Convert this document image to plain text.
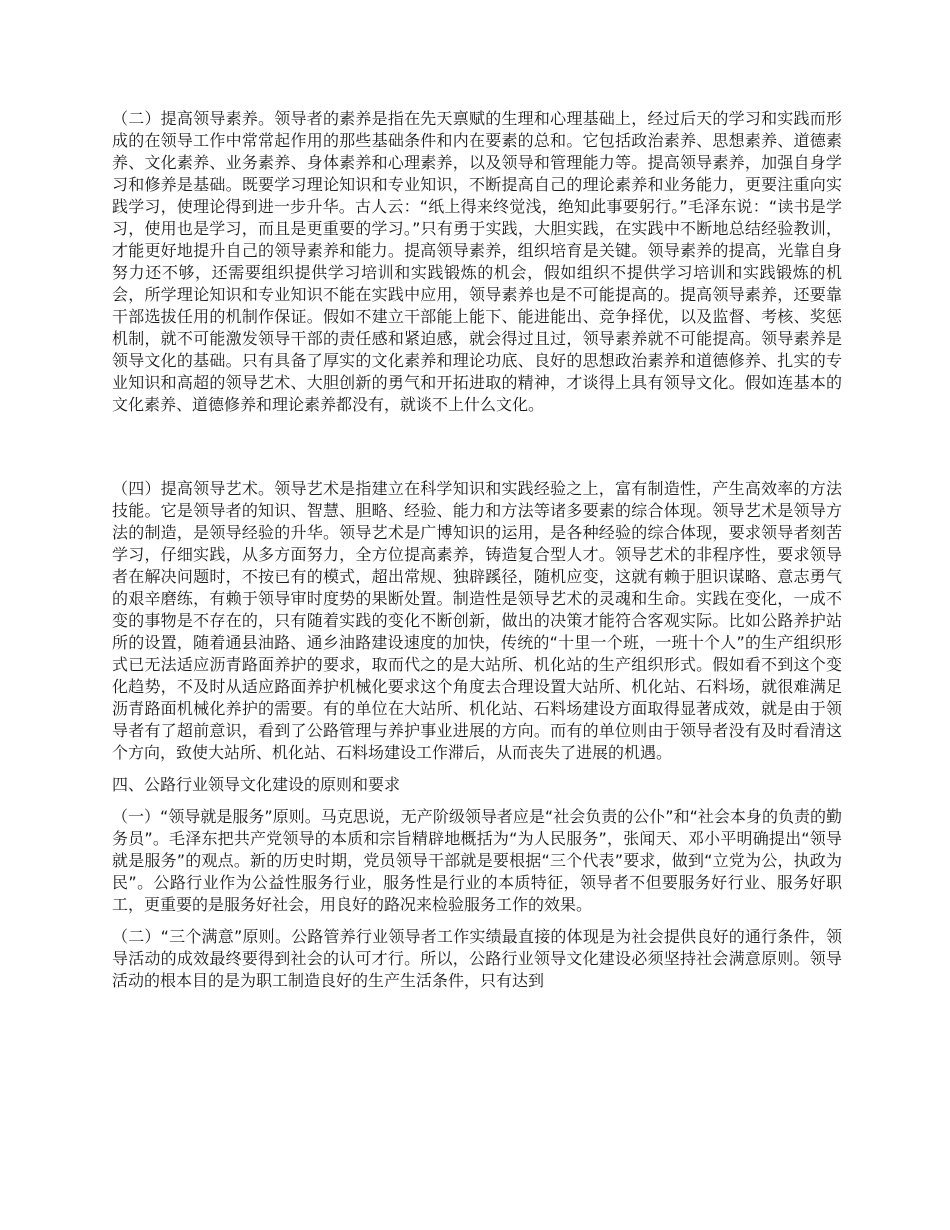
（二）提高领导素养。领导者的素养是指在先天禀赋的生理和心理基础上，经过后天的学习和实践而形成的在领导工作中常常起作用的那些基础条件和内在要素的总和。它包括政治素养、思想素养、道德素养、文化素养、业务素养、身体素养和心理素养，以及领导和管理能力等。提高领导素养，加强自身学习和修养是基础。既要学习理论知识和专业知识，不断提高自己的理论素养和业务能力，更要注重向实践学习，使理论得到进一步升华。古人云：“纸上得来终觉浅，绝知此事要躬行。”毛泽东说：“读书是学习，使用也是学习，而且是更重要的学习。”只有勇于实践，大胆实践，在实践中不断地总结经验教训，才能更好地提升自己的领导素养和能力。提高领导素养，组织培育是关键。领导素养的提高，光靠自身努力还不够，还需要组织提供学习培训和实践锻炼的机会，假如组织不提供学习培训和实践锻炼的机会，所学理论知识和专业知识不能在实践中应用，领导素养也是不可能提高的。提高领导素养，还要靠干部选拔任用的机制作保证。假如不建立干部能上能下、能进能出、竞争择优，以及监督、考核、奖惩机制，就不可能激发领导干部的责任感和紧迫感，就会得过且过，领导素养就不可能提高。领导素养是领导文化的基础。只有具备了厚实的文化素养和理论功底、良好的思想政治素养和道德修养、扎实的专业知识和高超的领导艺术、大胆创新的勇气和开拓进取的精神，才谈得上具有领导文化。假如连基本的文化素养、道德修养和理论素养都没有，就谈不上什么文化。

（四）提高领导艺术。领导艺术是指建立在科学知识和实践经验之上，富有制造性，产生高效率的方法技能。它是领导者的知识、智慧、胆略、经验、能力和方法等诸多要素的综合体现。领导艺术是领导方法的制造，是领导经验的升华。领导艺术是广博知识的运用，是各种经验的综合体现，要求领导者刻苦学习，仔细实践，从多方面努力，全方位提高素养，铸造复合型人才。领导艺术的非程序性，要求领导者在解决问题时，不按已有的模式，超出常规、独辟蹊径，随机应变，这就有赖于胆识谋略、意志勇气的艰辛磨练，有赖于领导审时度势的果断处置。制造性是领导艺术的灵魂和生命。实践在变化，一成不变的事物是不存在的，只有随着实践的变化不断创新，做出的决策才能符合客观实际。比如公路养护站所的设置，随着通县油路、通乡油路建设速度的加快，传统的“十里一个班，一班十个人”的生产组织形式已无法适应沥青路面养护的要求，取而代之的是大站所、机化站的生产组织形式。假如看不到这个变化趋势，不及时从适应路面养护机械化要求这个角度去合理设置大站所、机化站、石料场，就很难满足沥青路面机械化养护的需要。有的单位在大站所、机化站、石料场建设方面取得显著成效，就是由于领导者有了超前意识，看到了公路管理与养护事业进展的方向。而有的单位则由于领导者没有及时看清这个方向，致使大站所、机化站、石料场建设工作滞后，从而丧失了进展的机遇。

四、公路行业领导文化建设的原则和要求

（一）“领导就是服务”原则。马克思说，无产阶级领导者应是“社会负责的公仆”和“社会本身的负责的勤务员”。毛泽东把共产党领导的本质和宗旨精辟地概括为“为人民服务”，张闻天、邓小平明确提出“领导就是服务”的观点。新的历史时期，党员领导干部就是要根据“三个代表”要求，做到“立党为公，执政为民”。公路行业作为公益性服务行业，服务性是行业的本质特征，领导者不但要服务好行业、服务好职工，更重要的是服务好社会，用良好的路况来检验服务工作的效果。

（二）“三个满意”原则。公路管养行业领导者工作实绩最直接的体现是为社会提供良好的通行条件，领导活动的成效最终要得到社会的认可才行。所以，公路行业领导文化建设必须坚持社会满意原则。领导活动的根本目的是为职工制造良好的生产生活条件，只有达到
